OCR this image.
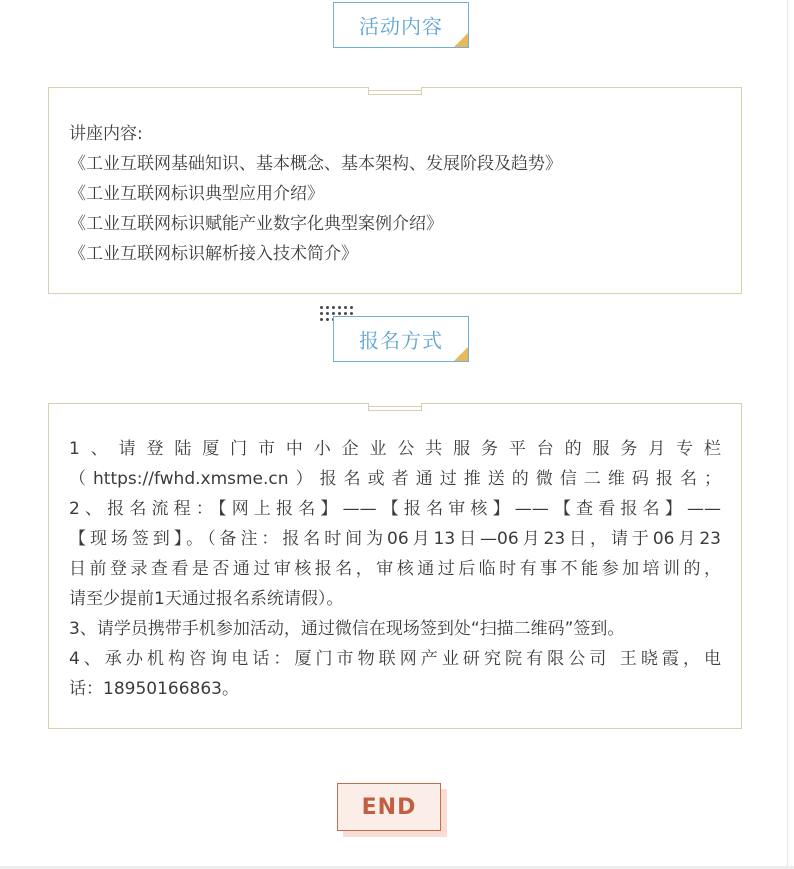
活动内容
讲座内容:
《工业互联网基础知识、基本概念、基本架构、发展阶段及趋势》
《工业互联网标识典型应用介绍》
《工业互联网标识赋能产业数字化典型案例介绍》
《工业互联网标识解析接入技术简介》
报名方式
1、请登陆厦门市中小企业公共服务平台的服务月专栏
（https://fwhd.xmsme.cn）报名或者通过推送的微信二维码报名；
2、报名流程：【网上报名】——【报名审核】——【查看报名】——
【现场签到】。（备注：报名时间为06月13日—06月23日，请于06月23
日前登录查看是否通过审核报名，审核通过后临时有事不能参加培训的，
请至少提前1天通过报名系统请假）。
3、请学员携带手机参加活动，通过微信在现场签到处“扫描二维码”签到。
4、承办机构咨询电话：厦门市物联网产业研究院有限公司 王晓霞，电
话：18950166863。
END
